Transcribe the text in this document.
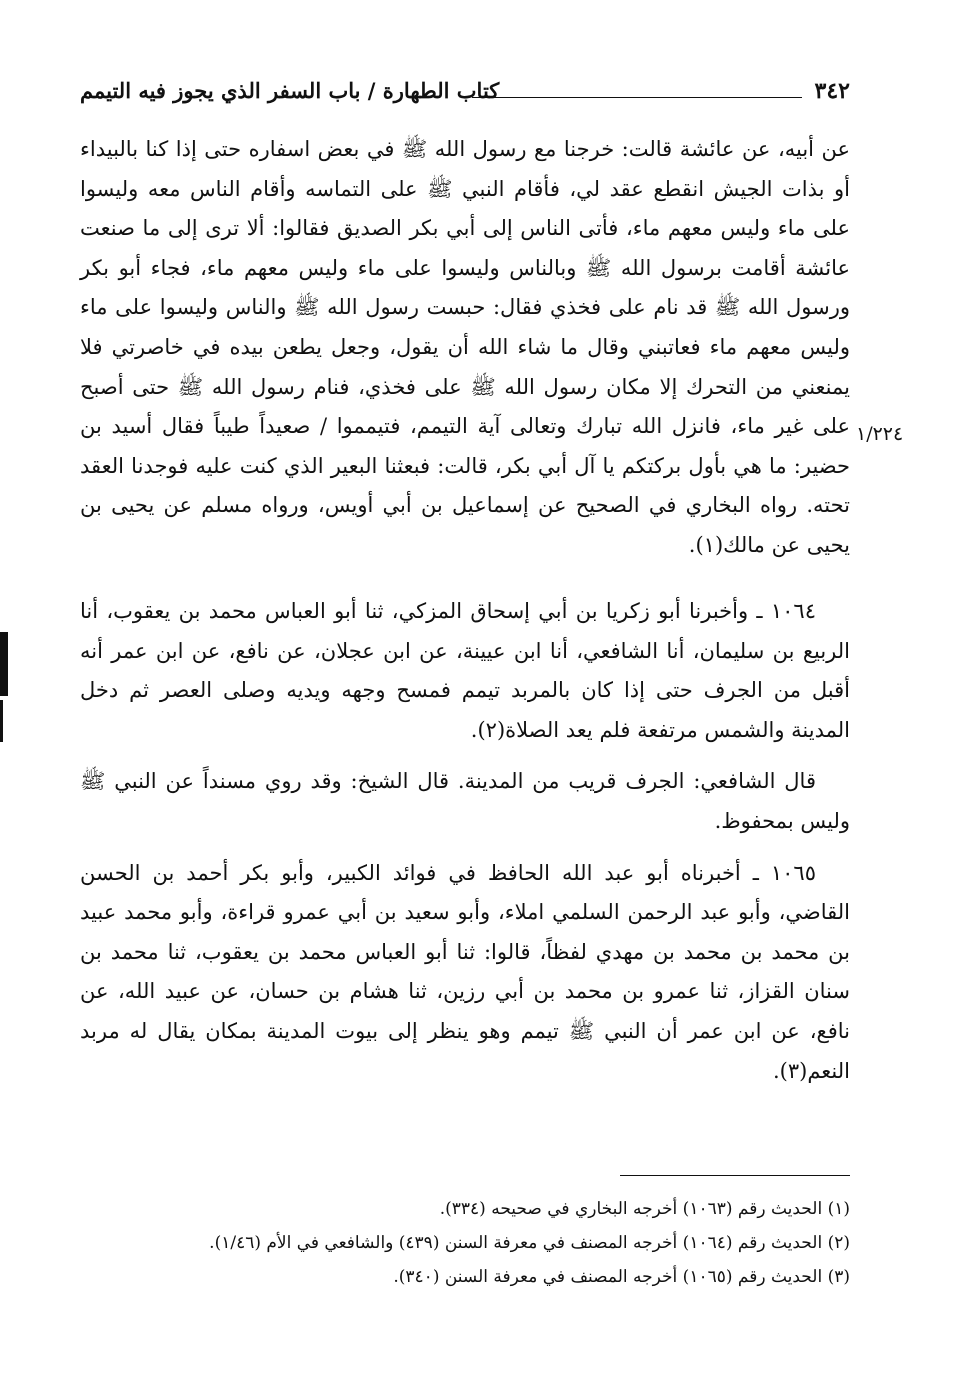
٣٤٢
كتاب الطهارة / باب السفر الذي يجوز فيه التيمم
١/٢٢٤

عن أبيه، عن عائشة قالت: خرجنا مع رسول الله ﷺ في بعض اسفاره حتى إذا كنا بالبيداء أو بذات الجيش انقطع عقد لي، فأقام النبي ﷺ على التماسه وأقام الناس معه وليسوا على ماء وليس معهم ماء، فأتى الناس إلى أبي بكر الصديق فقالوا: ألا ترى إلى ما صنعت عائشة أقامت برسول الله ﷺ وبالناس وليسوا على ماء وليس معهم ماء، فجاء أبو بكر ورسول الله ﷺ قد نام على فخذي فقال: حبست رسول الله ﷺ والناس وليسوا على ماء وليس معهم ماء فعاتبني وقال ما شاء الله أن يقول، وجعل يطعن بيده في خاصرتي فلا يمنعني من التحرك إلا مكان رسول الله ﷺ على فخذي، فنام رسول الله ﷺ حتى أصبح على غير ماء، فانزل الله تبارك وتعالى آية التيمم، فتيمموا / صعيداً طيباً فقال أسيد بن حضير: ما هي بأول بركتكم يا آل أبي بكر، قالت: فبعثنا البعير الذي كنت عليه فوجدنا العقد تحته. رواه البخاري في الصحيح عن إسماعيل بن أبي أويس، ورواه مسلم عن يحيى بن يحيى عن مالك(١).

١٠٦٤ ـ وأخبرنا أبو زكريا بن أبي إسحاق المزكي، ثنا أبو العباس محمد بن يعقوب، أنا الربيع بن سليمان، أنا الشافعي، أنا ابن عيينة، عن ابن عجلان، عن نافع، عن ابن عمر أنه أقبل من الجرف حتى إذا كان بالمربد تيمم فمسح وجهه ويديه وصلى العصر ثم دخل المدينة والشمس مرتفعة فلم يعد الصلاة(٢).

قال الشافعي: الجرف قريب من المدينة. قال الشيخ: وقد روي مسنداً عن النبي ﷺ وليس بمحفوظ.

١٠٦٥ ـ أخبرناه أبو عبد الله الحافظ في فوائد الكبير، وأبو بكر أحمد بن الحسن القاضي، وأبو عبد الرحمن السلمي املاء، وأبو سعيد بن أبي عمرو قراءة، وأبو محمد عبيد بن محمد بن محمد بن مهدي لفظاً، قالوا: ثنا أبو العباس محمد بن يعقوب، ثنا محمد بن سنان القزاز، ثنا عمرو بن محمد بن أبي رزين، ثنا هشام بن حسان، عن عبيد الله، عن نافع، عن ابن عمر أن النبي ﷺ تيمم وهو ينظر إلى بيوت المدينة بمكان يقال له مربد النعم(٣).

(١) الحديث رقم (١٠٦٣) أخرجه البخاري في صحيحه (٣٣٤).
(٢) الحديث رقم (١٠٦٤) أخرجه المصنف في معرفة السنن (٤٣٩) والشافعي في الأم (١/٤٦).
(٣) الحديث رقم (١٠٦٥) أخرجه المصنف في معرفة السنن (٣٤٠).
